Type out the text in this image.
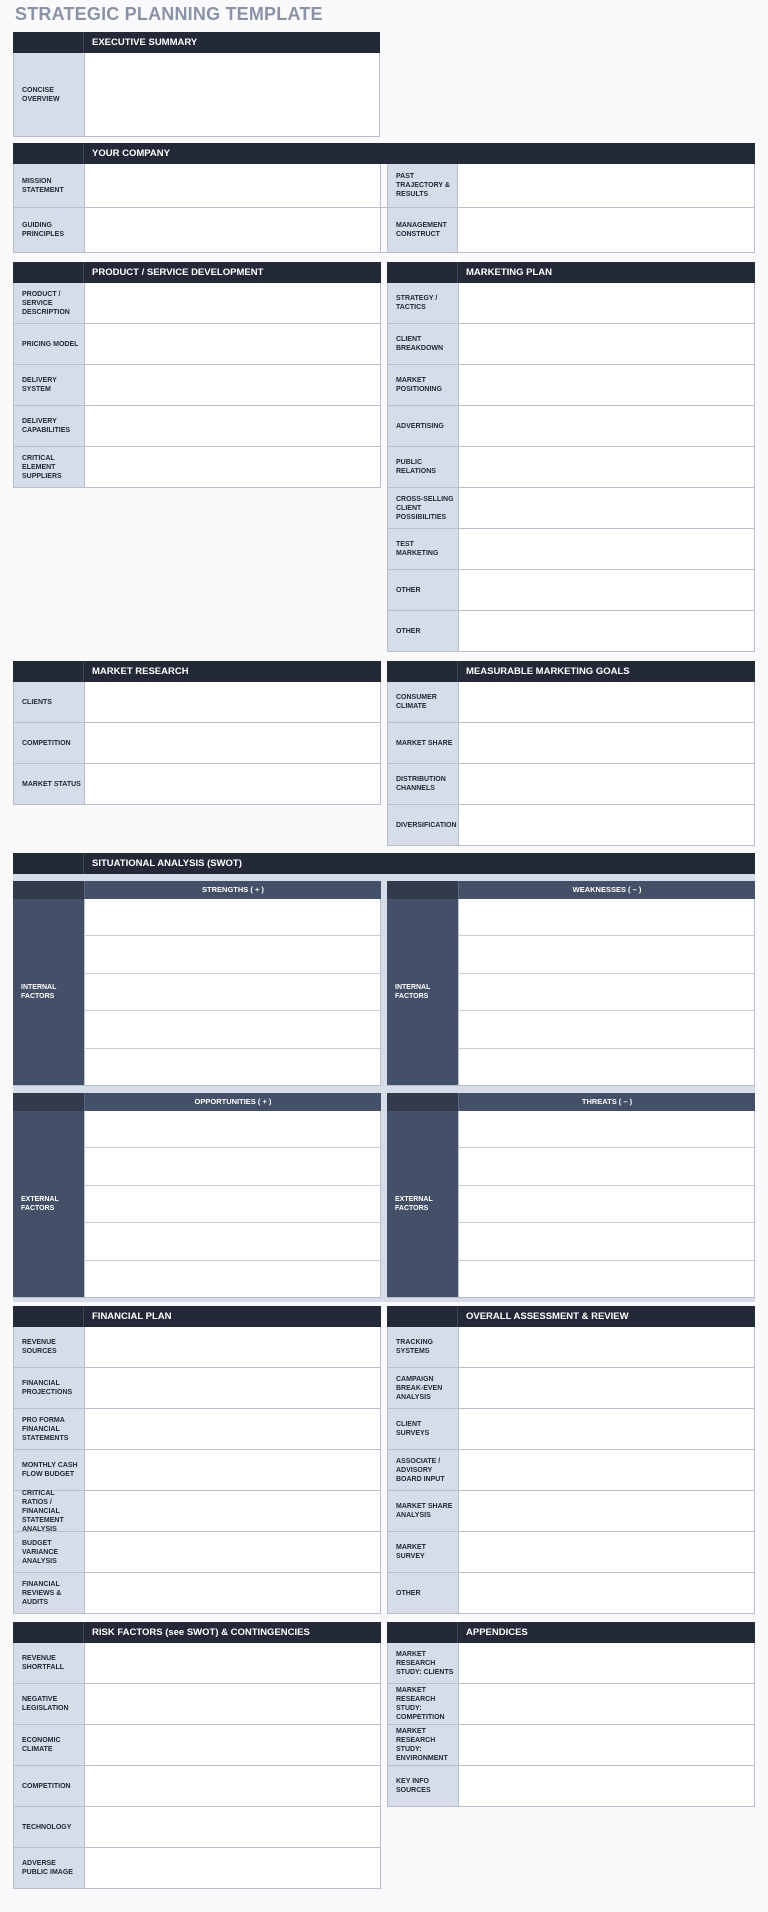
STRATEGIC PLANNING TEMPLATE
EXECUTIVE SUMMARY
CONCISE OVERVIEW
YOUR COMPANY
MISSION STATEMENT
GUIDING PRINCIPLES
PAST TRAJECTORY & RESULTS
MANAGEMENT CONSTRUCT
PRODUCT / SERVICE DEVELOPMENT
PRODUCT / SERVICE DESCRIPTION
PRICING MODEL
DELIVERY SYSTEM
DELIVERY CAPABILITIES
CRITICAL ELEMENT SUPPLIERS
MARKETING PLAN
STRATEGY / TACTICS
CLIENT BREAKDOWN
MARKET POSITIONING
ADVERTISING
PUBLIC RELATIONS
CROSS-SELLING CLIENT POSSIBILITIES
TEST MARKETING
OTHER
OTHER
MARKET RESEARCH
CLIENTS
COMPETITION
MARKET STATUS
MEASURABLE MARKETING GOALS
CONSUMER CLIMATE
MARKET SHARE
DISTRIBUTION CHANNELS
DIVERSIFICATION
SITUATIONAL ANALYSIS (SWOT)
STRENGTHS ( + )
INTERNAL FACTORS
WEAKNESSES ( – )
INTERNAL FACTORS
OPPORTUNITIES ( + )
EXTERNAL FACTORS
THREATS ( – )
EXTERNAL FACTORS
FINANCIAL PLAN
REVENUE SOURCES
FINANCIAL PROJECTIONS
PRO FORMA FINANCIAL STATEMENTS
MONTHLY CASH FLOW BUDGET
CRITICAL RATIOS / FINANCIAL STATEMENT ANALYSIS
BUDGET VARIANCE ANALYSIS
FINANCIAL REVIEWS & AUDITS
OVERALL ASSESSMENT & REVIEW
TRACKING SYSTEMS
CAMPAIGN BREAK-EVEN ANALYSIS
CLIENT SURVEYS
ASSOCIATE / ADVISORY BOARD INPUT
MARKET SHARE ANALYSIS
MARKET SURVEY
OTHER
RISK FACTORS (see SWOT) & CONTINGENCIES
REVENUE SHORTFALL
NEGATIVE LEGISLATION
ECONOMIC CLIMATE
COMPETITION
TECHNOLOGY
ADVERSE PUBLIC IMAGE
APPENDICES
MARKET RESEARCH STUDY: CLIENTS
MARKET RESEARCH STUDY: COMPETITION
MARKET RESEARCH STUDY: ENVIRONMENT
KEY INFO SOURCES
